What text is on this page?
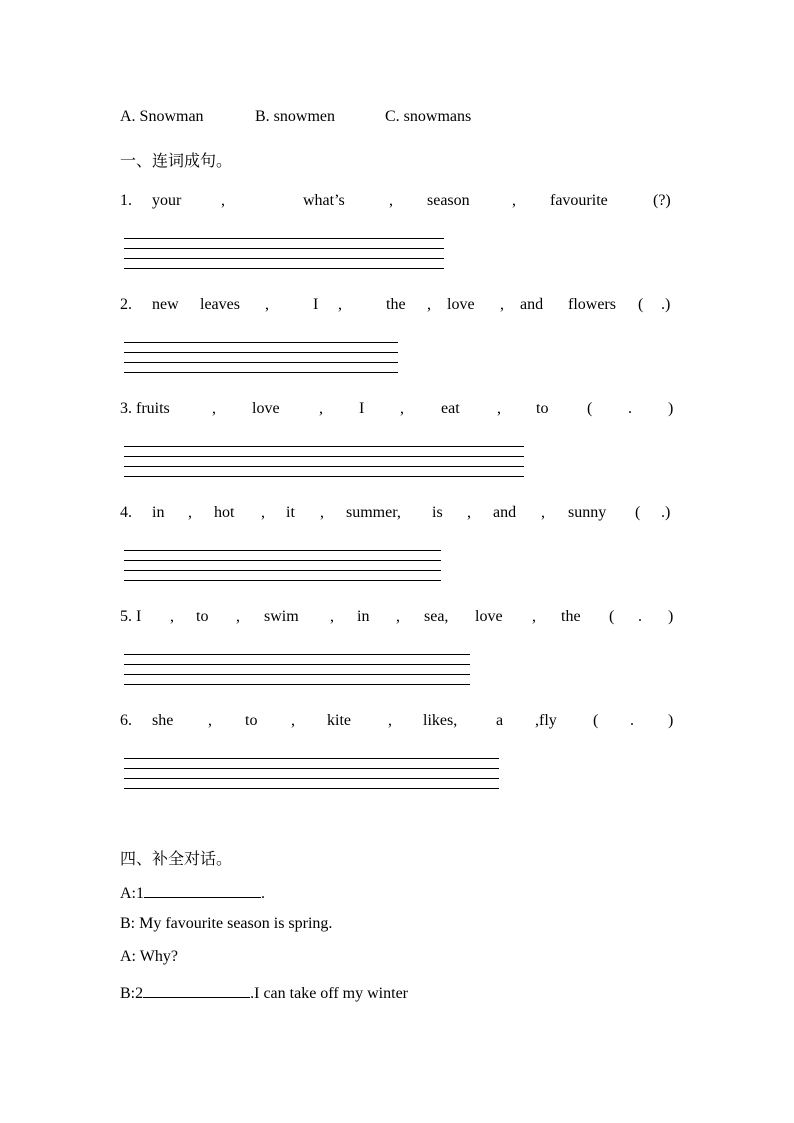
A. Snowman	B. snowmen	C. snowmans
一、连词成句。
1. your ,	what’s	, season	, favourite	(?)
2. new leaves ,	I ,	the , love , and flowers ( .)
3. fruits	, love , I , eat , to ( . )
4. in , hot , it , summer, is , and , sunny ( .)
5. I , to , swim , in , sea, love , the ( . )
6. she , to , kite , likes, a ,fly ( . )
四、补全对话。
A:1	.
B: My favourite season is spring.
A: Why?
B:2	.I can take off my winter
